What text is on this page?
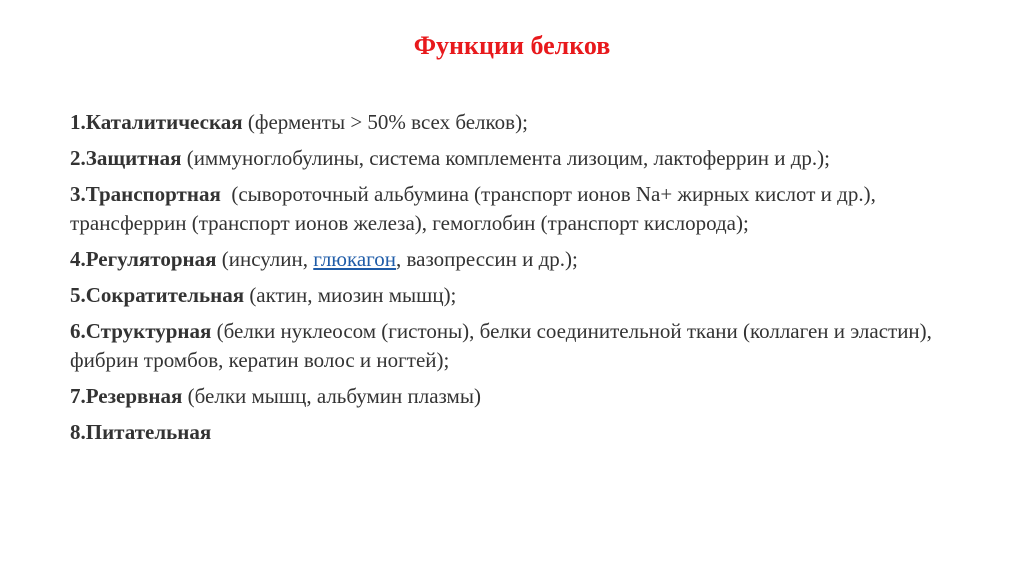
Функции белков
1.Каталитическая (ферменты > 50% всех белков);
2.Защитная (иммуноглобулины, система комплемента лизоцим, лактоферрин и др.);
3.Транспортная  (сывороточный альбумина (транспорт ионов Na+ жирных кислот и др.), трансферрин (транспорт ионов железа), гемоглобин (транспорт кислорода);
4.Регуляторная (инсулин, глюкагон, вазопрессин и др.);
5.Сократительная (актин, миозин мышц);
6.Структурная (белки нуклеосом (гистоны), белки соединительной ткани (коллаген и эластин), фибрин тромбов, кератин волос и ногтей);
7.Резервная (белки мышц, альбумин плазмы)
8.Питательная
